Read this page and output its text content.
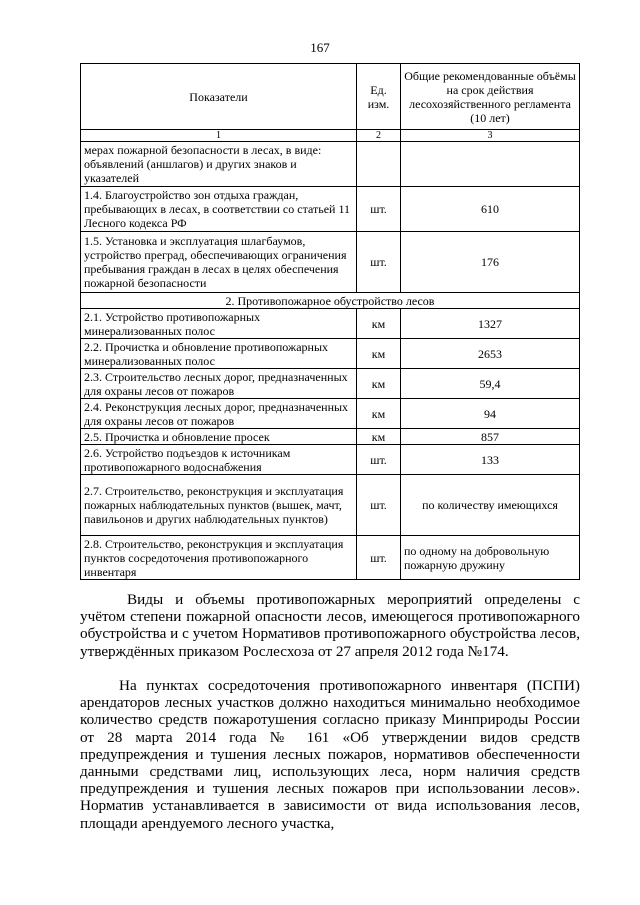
167
Показатели	Ед. изм.	Общие рекомендованные объёмы на срок действия лесохозяйственного регламента (10 лет)
1	2	3
мерах пожарной безопасности в лесах, в виде: объявлений (аншлагов) и других знаков и указателей		
1.4. Благоустройство зон отдыха граждан, пребывающих в лесах, в соответствии со статьей 11 Лесного кодекса РФ	шт.	610
1.5. Установка и эксплуатация шлагбаумов, устройство преград, обеспечивающих ограничения пребывания граждан в лесах в целях обеспечения пожарной безопасности	шт.	176
2. Противопожарное обустройство лесов		
2.1. Устройство противопожарных минерализованных полос	км	1327
2.2. Прочистка и обновление противопожарных минерализованных полос	км	2653
2.3. Строительство лесных дорог, предназначенных для охраны лесов от пожаров	км	59,4
2.4. Реконструкция лесных дорог, предназначенных для охраны лесов от пожаров	км	94
2.5. Прочистка и обновление просек	км	857
2.6. Устройство подъездов к источникам противопожарного водоснабжения	шт.	133
2.7. Строительство, реконструкция и эксплуатация пожарных наблюдательных пунктов (вышек, мачт, павильонов и других наблюдательных пунктов)	шт.	по количеству имеющихся
2.8. Строительство, реконструкция и эксплуатация пунктов сосредоточения противопожарного инвентаря	шт.	по одному на добровольную пожарную дружину

Виды и объемы противопожарных мероприятий определены с учётом степени пожарной опасности лесов, имеющегося противопожарного обустройства и с учетом Нормативов противопожарного обустройства лесов, утверждённых приказом Рослесхоза от 27 апреля 2012 года №174.

На пунктах сосредоточения противопожарного инвентаря (ПСПИ) арендаторов лесных участков должно находиться минимально необходимое количество средств пожаротушения согласно приказу Минприроды России от 28 марта 2014 года № 161 «Об утверждении видов средств предупреждения и тушения лесных пожаров, нормативов обеспеченности данными средствами лиц, использующих леса, норм наличия средств предупреждения и тушения лесных пожаров при использовании лесов». Норматив устанавливается в зависимости от вида использования лесов, площади арендуемого лесного участка,
